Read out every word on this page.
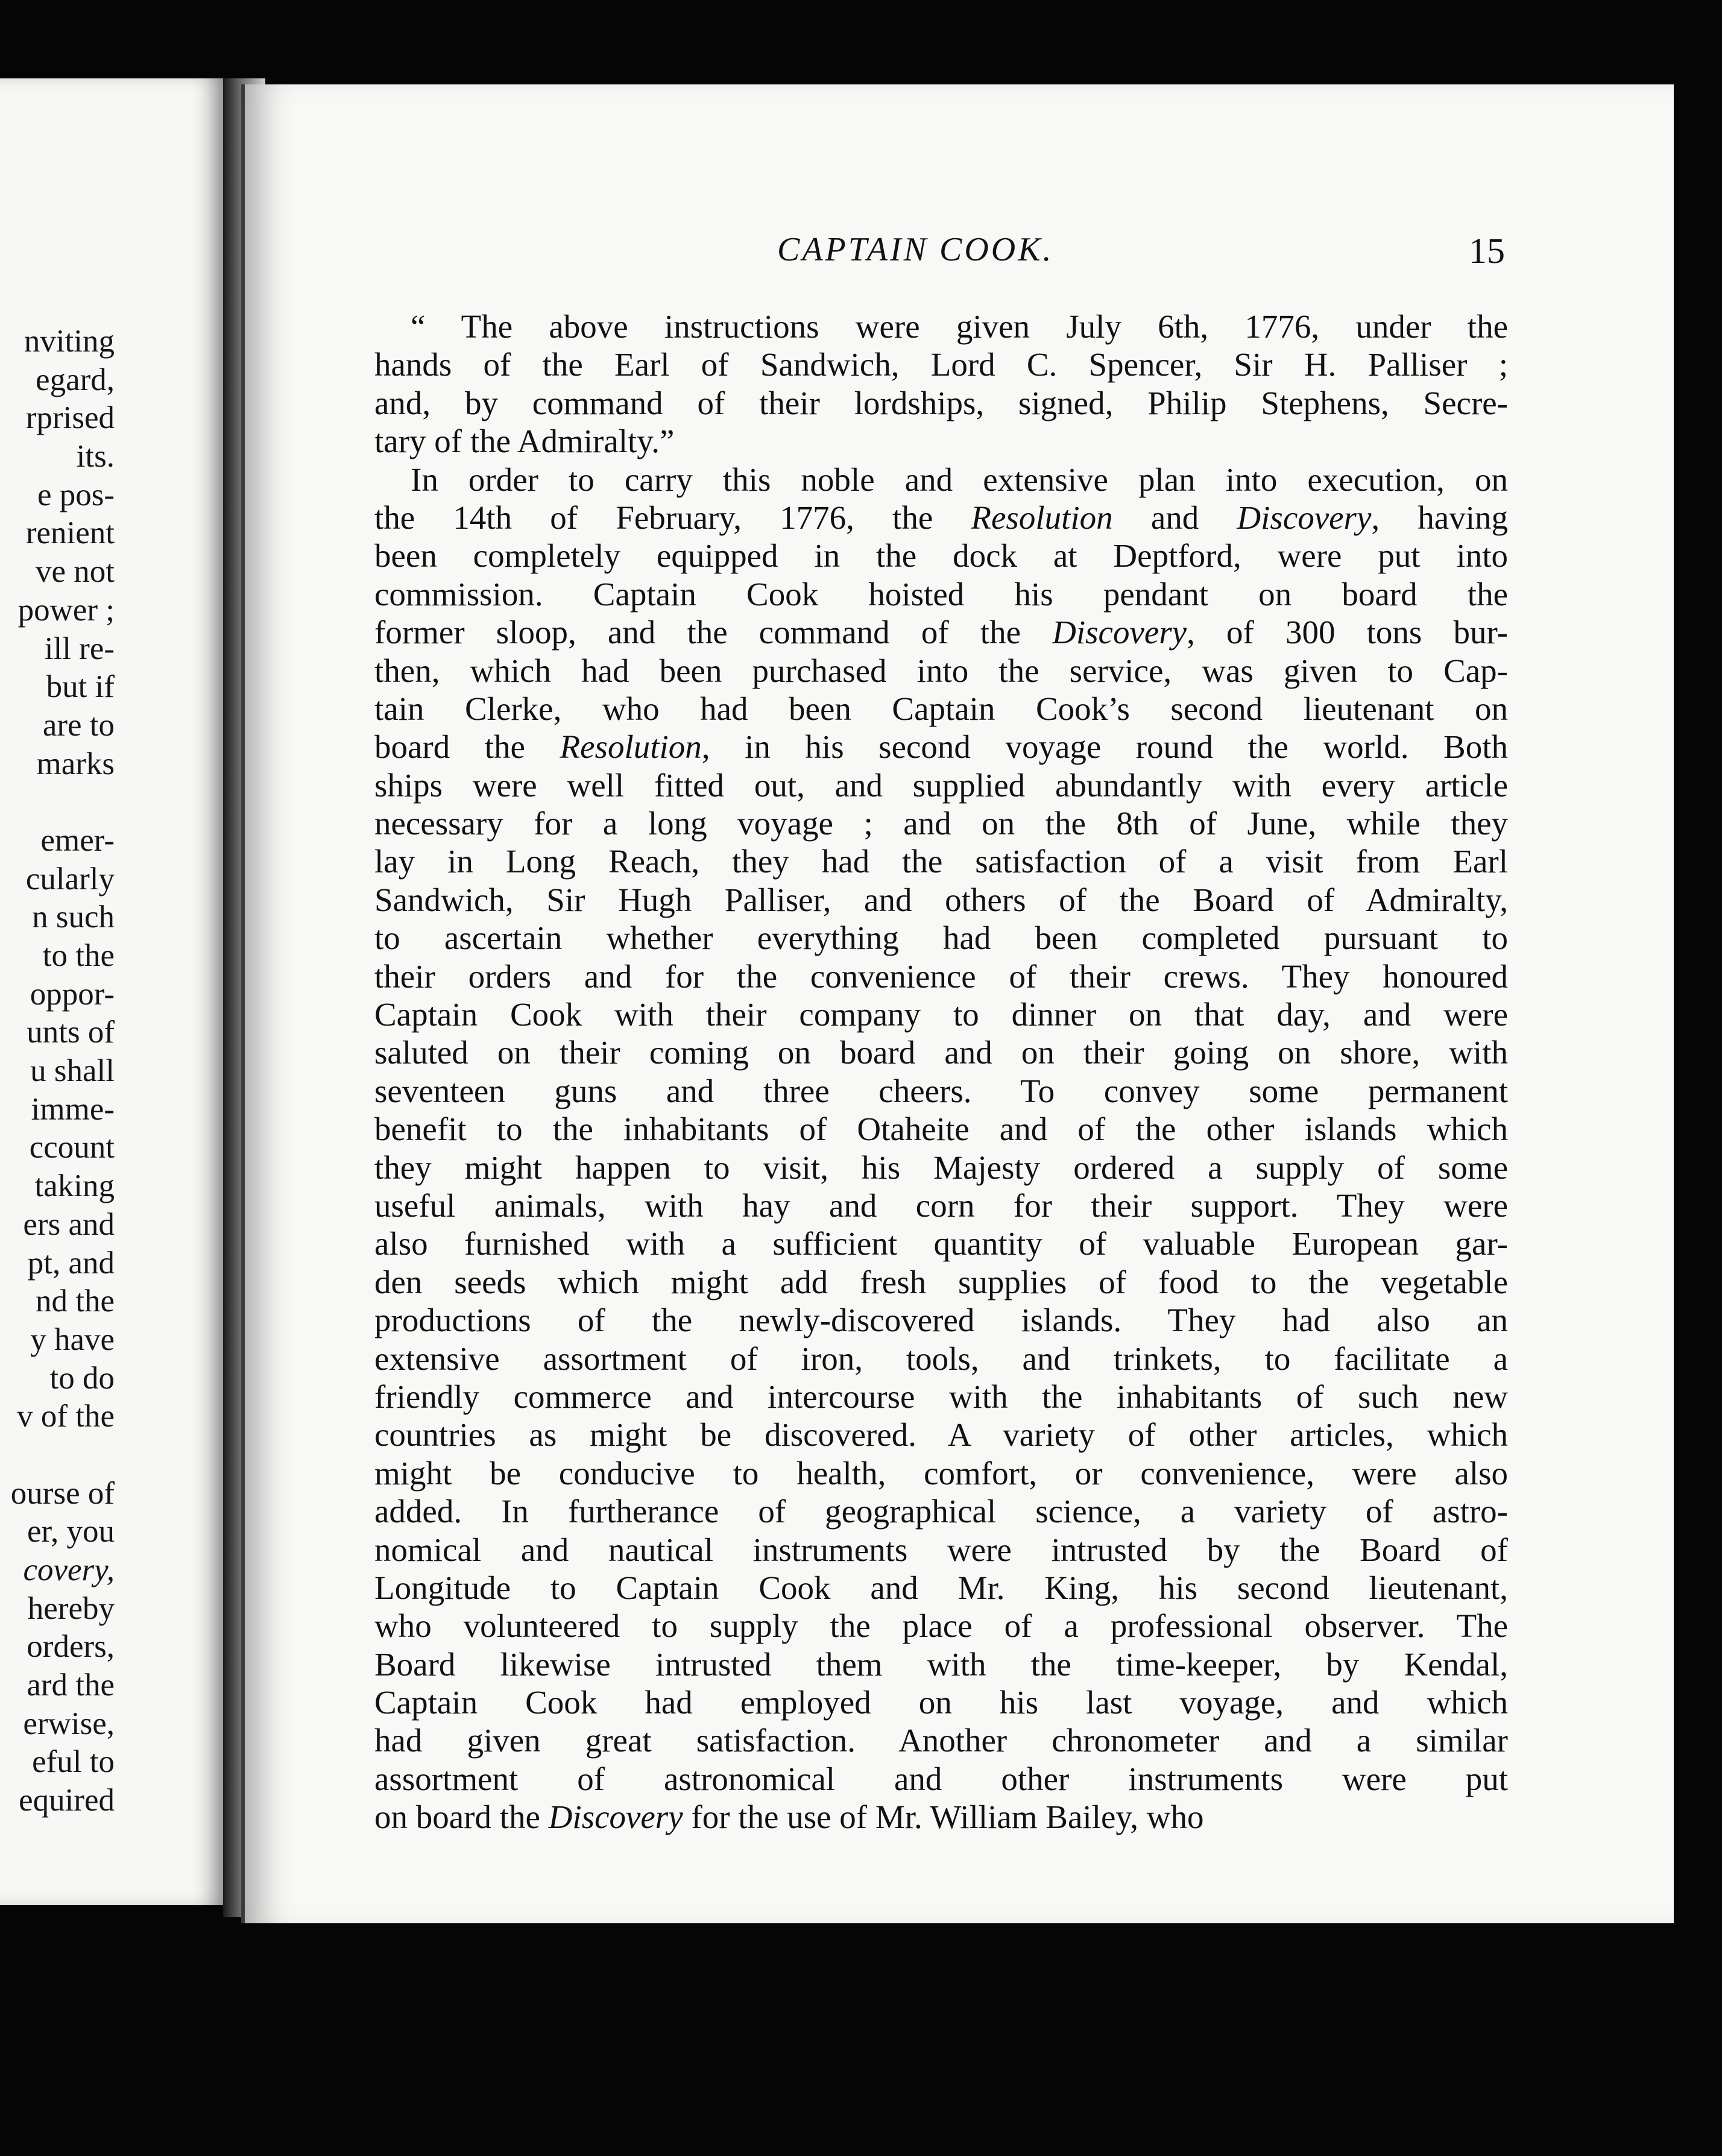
nviting
egard,
rprised
its.
e pos-
renient
ve not
power ;
ill re-
but if
are to
marks
emer-
cularly
n such
to the
oppor-
unts of
u shall
imme-
ccount
taking
ers and
pt, and
nd the
y have
to do
v of the
ourse of
er, you
covery,
hereby
orders,
ard the
erwise,
eful to
equired
CAPTAIN COOK.	15
“ The above instructions were given July 6th, 1776, under the
hands of the Earl of Sandwich, Lord C. Spencer, Sir H. Palliser ;
and, by command of their lordships, signed, Philip Stephens, Secre-
tary of the Admiralty.”
In order to carry this noble and extensive plan into execution, on
the 14th of February, 1776, the Resolution and Discovery, having
been completely equipped in the dock at Deptford, were put into
commission. Captain Cook hoisted his pendant on board the
former sloop, and the command of the Discovery, of 300 tons bur-
then, which had been purchased into the service, was given to Cap-
tain Clerke, who had been Captain Cook’s second lieutenant on
board the Resolution, in his second voyage round the world. Both
ships were well fitted out, and supplied abundantly with every article
necessary for a long voyage ; and on the 8th of June, while they
lay in Long Reach, they had the satisfaction of a visit from Earl
Sandwich, Sir Hugh Palliser, and others of the Board of Admiralty,
to ascertain whether everything had been completed pursuant to
their orders and for the convenience of their crews. They honoured
Captain Cook with their company to dinner on that day, and were
saluted on their coming on board and on their going on shore, with
seventeen guns and three cheers. To convey some permanent
benefit to the inhabitants of Otaheite and of the other islands which
they might happen to visit, his Majesty ordered a supply of some
useful animals, with hay and corn for their support. They were
also furnished with a sufficient quantity of valuable European gar-
den seeds which might add fresh supplies of food to the vegetable
productions of the newly-discovered islands. They had also an
extensive assortment of iron, tools, and trinkets, to facilitate a
friendly commerce and intercourse with the inhabitants of such new
countries as might be discovered. A variety of other articles, which
might be conducive to health, comfort, or convenience, were also
added. In furtherance of geographical science, a variety of astro-
nomical and nautical instruments were intrusted by the Board of
Longitude to Captain Cook and Mr. King, his second lieutenant,
who volunteered to supply the place of a professional observer. The
Board likewise intrusted them with the time-keeper, by Kendal,
Captain Cook had employed on his last voyage, and which
had given great satisfaction. Another chronometer and a similar
assortment of astronomical and other instruments were put
on board the Discovery for the use of Mr. William Bailey, who
